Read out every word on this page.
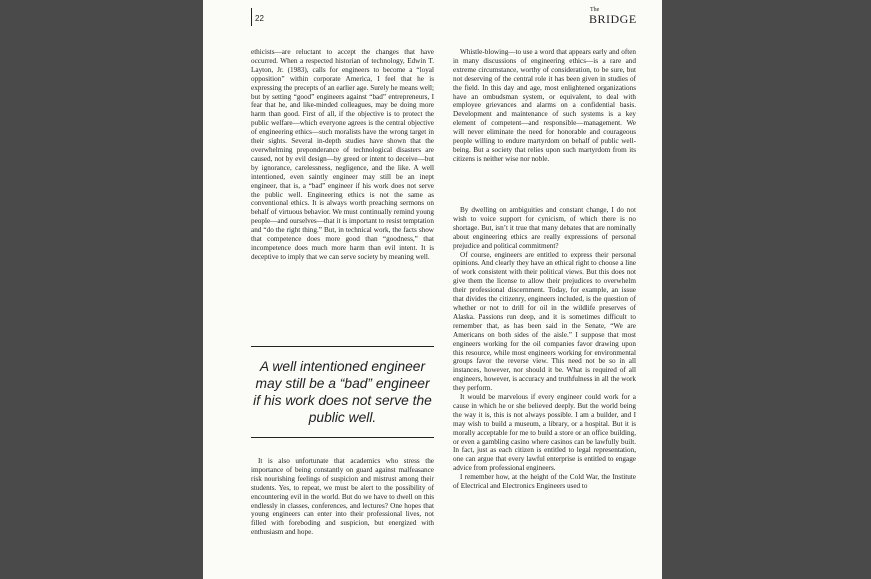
22
The
BRIDGE

ethicists—are reluctant to accept the changes that have occurred. When a respected historian of technology, Edwin T. Layton, Jr. (1983), calls for engineers to become a “loyal opposition” within corporate America, I feel that he is expressing the precepts of an earlier age. Surely he means well; but by setting “good” engineers against “bad” entrepreneurs, I fear that he, and like-minded colleagues, may be doing more harm than good. First of all, if the objective is to protect the public welfare—which everyone agrees is the central objective of engineering ethics—such moralists have the wrong target in their sights. Several in-depth studies have shown that the overwhelming preponderance of technological disasters are caused, not by evil design—by greed or intent to deceive—but by ignorance, carelessness, negligence, and the like. A well intentioned, even saintly engineer may still be an inept engineer, that is, a “bad” engineer if his work does not serve the public well. Engineering ethics is not the same as conventional ethics. It is always worth preaching sermons on behalf of virtuous behavior. We must continually remind young people—and ourselves—that it is important to resist temptation and “do the right thing.” But, in technical work, the facts show that competence does more good than “goodness,” that incompetence does much more harm than evil intent. It is deceptive to imply that we can serve society by meaning well.

A well intentioned engineer may still be a “bad” engineer if his work does not serve the public well.

It is also unfortunate that academics who stress the importance of being constantly on guard against malfeasance risk nourishing feelings of suspicion and mistrust among their students. Yes, to repeat, we must be alert to the possibility of encountering evil in the world. But do we have to dwell on this endlessly in classes, conferences, and lectures? One hopes that young engineers can enter into their professional lives, not filled with foreboding and suspicion, but energized with enthusiasm and hope.

Whistle-blowing—to use a word that appears early and often in many discussions of engineering ethics—is a rare and extreme circumstance, worthy of consideration, to be sure, but not deserving of the central role it has been given in studies of the field. In this day and age, most enlightened organizations have an ombudsman system, or equivalent, to deal with employee grievances and alarms on a confidential basis. Development and maintenance of such systems is a key element of competent—and responsible—management. We will never eliminate the need for honorable and courageous people willing to endure martyrdom on behalf of public well-being. But a society that relies upon such martyrdom from its citizens is neither wise nor noble.

By dwelling on ambiguities and constant change, I do not wish to voice support for cynicism, of which there is no shortage. But, isn’t it true that many debates that are nominally about engineering ethics are really expressions of personal prejudice and political commitment?

Of course, engineers are entitled to express their personal opinions. And clearly they have an ethical right to choose a line of work consistent with their political views. But this does not give them the license to allow their prejudices to overwhelm their professional discernment. Today, for example, an issue that divides the citizenry, engineers included, is the question of whether or not to drill for oil in the wildlife preserves of Alaska. Passions run deep, and it is sometimes difficult to remember that, as has been said in the Senate, “We are Americans on both sides of the aisle.” I suppose that most engineers working for the oil companies favor drawing upon this resource, while most engineers working for environmental groups favor the reverse view. This need not be so in all instances, however, nor should it be. What is required of all engineers, however, is accuracy and truthfulness in all the work they perform.

It would be marvelous if every engineer could work for a cause in which he or she believed deeply. But the world being the way it is, this is not always possible. I am a builder, and I may wish to build a museum, a library, or a hospital. But it is morally acceptable for me to build a store or an office building, or even a gambling casino where casinos can be lawfully built. In fact, just as each citizen is entitled to legal representation, one can argue that every lawful enterprise is entitled to engage advice from professional engineers.

I remember how, at the height of the Cold War, the Institute of Electrical and Electronics Engineers used to
